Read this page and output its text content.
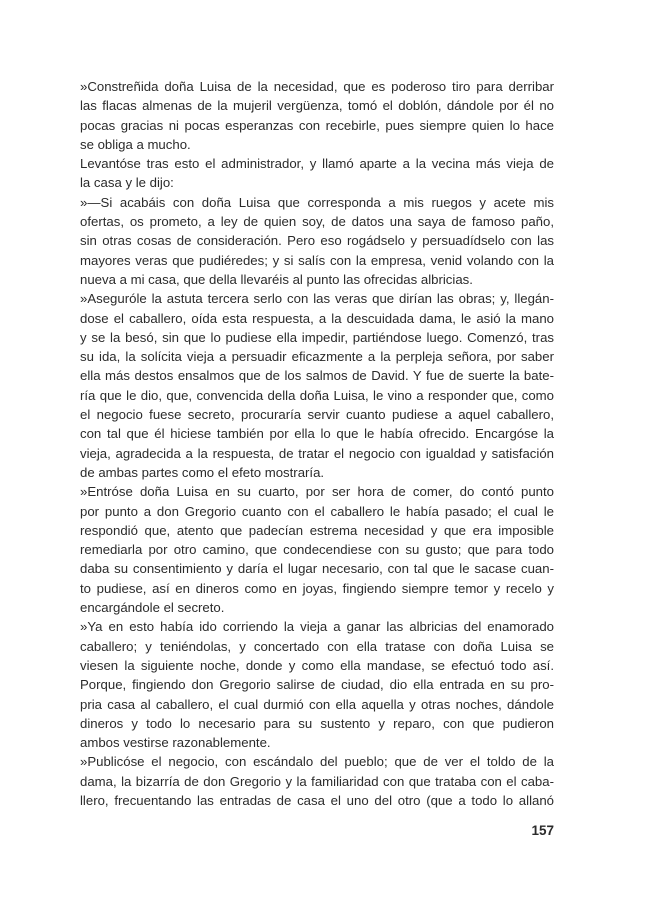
»Constreñida doña Luisa de la necesidad, que es poderoso tiro para derribar
las flacas almenas de la mujeril vergüenza, tomó el doblón, dándole por él no
pocas gracias ni pocas esperanzas con recebirle, pues siempre quien lo hace
se obliga a mucho.
Levantóse tras esto el administrador, y llamó aparte a la vecina más vieja de
la casa y le dijo:
»—Si acabáis con doña Luisa que corresponda a mis ruegos y acete mis
ofertas, os prometo, a ley de quien soy, de datos una saya de famoso paño,
sin otras cosas de consideración. Pero eso rogádselo y persuadídselo con las
mayores veras que pudiéredes; y si salís con la empresa, venid volando con la
nueva a mi casa, que della llevaréis al punto las ofrecidas albricias.
»Aseguróle la astuta tercera serlo con las veras que dirían las obras; y, llegán-
dose el caballero, oída esta respuesta, a la descuidada dama, le asió la mano
y se la besó, sin que lo pudiese ella impedir, partiéndose luego. Comenzó, tras
su ida, la solícita vieja a persuadir eficazmente a la perpleja señora, por saber
ella más destos ensalmos que de los salmos de David. Y fue de suerte la bate-
ría que le dio, que, convencida della doña Luisa, le vino a responder que, como
el negocio fuese secreto, procuraría servir cuanto pudiese a aquel caballero,
con tal que él hiciese también por ella lo que le había ofrecido. Encargóse la
vieja, agradecida a la respuesta, de tratar el negocio con igualdad y satisfación
de ambas partes como el efeto mostraría.
»Entróse doña Luisa en su cuarto, por ser hora de comer, do contó punto
por punto a don Gregorio cuanto con el caballero le había pasado; el cual le
respondió que, atento que padecían estrema necesidad y que era imposible
remediarla por otro camino, que condecendiese con su gusto; que para todo
daba su consentimiento y daría el lugar necesario, con tal que le sacase cuan-
to pudiese, así en dineros como en joyas, fingiendo siempre temor y recelo y
encargándole el secreto.
»Ya en esto había ido corriendo la vieja a ganar las albricias del enamorado
caballero; y teniéndolas, y concertado con ella tratase con doña Luisa se
viesen la siguiente noche, donde y como ella mandase, se efectuó todo así.
Porque, fingiendo don Gregorio salirse de ciudad, dio ella entrada en su pro-
pria casa al caballero, el cual durmió con ella aquella y otras noches, dándole
dineros y todo lo necesario para su sustento y reparo, con que pudieron
ambos vestirse razonablemente.
»Publicóse el negocio, con escándalo del pueblo; que de ver el toldo de la
dama, la bizarría de don Gregorio y la familiaridad con que trataba con el caba-
llero, frecuentando las entradas de casa el uno del otro (que a todo lo allanó
157
